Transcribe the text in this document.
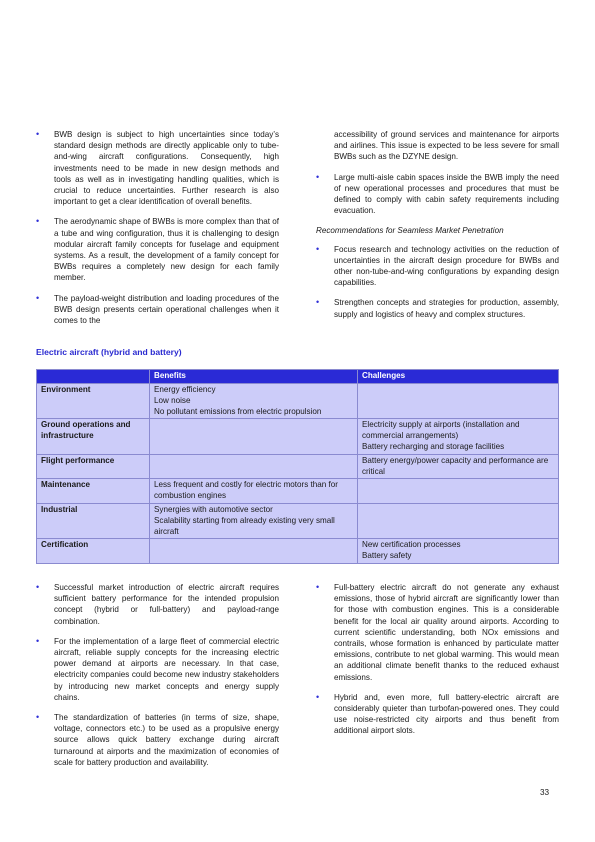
• BWB design is subject to high uncertainties since today’s standard design methods are directly applicable only to tube-and-wing aircraft configurations. Consequently, high investments need to be made in new design methods and tools as well as in investigating handling qualities, which is crucial to reduce uncertainties. Further research is also important to get a clear identification of overall benefits.
• The aerodynamic shape of BWBs is more complex than that of a tube and wing configuration, thus it is challenging to design modular aircraft family concepts for fuselage and equipment systems. As a result, the development of a family concept for BWBs requires a completely new design for each family member.
• The payload-weight distribution and loading procedures of the BWB design presents certain operational challenges when it comes to the

accessibility of ground services and maintenance for airports and airlines. This issue is expected to be less severe for small BWBs such as the DZYNE design.

• Large multi-aisle cabin spaces inside the BWB imply the need of new operational processes and procedures that must be defined to comply with cabin safety requirements including evacuation.

Recommendations for Seamless Market Penetration

• Focus research and technology activities on the reduction of uncertainties in the aircraft design procedure for BWBs and other non-tube-and-wing configurations by expanding design capabilities.
• Strengthen concepts and strategies for production, assembly, supply and logistics of heavy and complex structures.
Electric aircraft (hybrid and battery)
	Benefits	Challenges
Environment	Energy efficiency
Low noise
No pollutant emissions from electric propulsion	

Ground operations and infrastructure		Electricity supply at airports (installation and commercial arrangements)
Battery recharging and storage facilities

Flight performance		Battery energy/power capacity and performance are critical

Maintenance	Less frequent and costly for electric motors than for combustion engines	

Industrial	Synergies with automotive sector
Scalability starting from already existing very small aircraft	

Certification		New certification processes
Battery safety
• Successful market introduction of electric aircraft requires sufficient battery performance for the intended propulsion concept (hybrid or full-battery) and payload-range combination.
• For the implementation of a large fleet of commercial electric aircraft, reliable supply concepts for the increasing electric power demand at airports are necessary. In that case, electricity companies could become new industry stakeholders by introducing new market concepts and energy supply chains.
• The standardization of batteries (in terms of size, shape, voltage, connectors etc.) to be used as a propulsive energy source allows quick battery exchange during aircraft turnaround at airports and the maximization of economies of scale for battery production and availability.
• Full-battery electric aircraft do not generate any exhaust emissions, those of hybrid aircraft are significantly lower than for those with combustion engines. This is a considerable benefit for the local air quality around airports. According to current scientific understanding, both NOx emissions and contrails, whose formation is enhanced by particulate matter emissions, contribute to net global warming. This would mean an additional climate benefit thanks to the reduced exhaust emissions.
• Hybrid and, even more, full battery-electric aircraft are considerably quieter than turbofan-powered ones. They could use noise-restricted city airports and thus benefit from additional airport slots.
33
